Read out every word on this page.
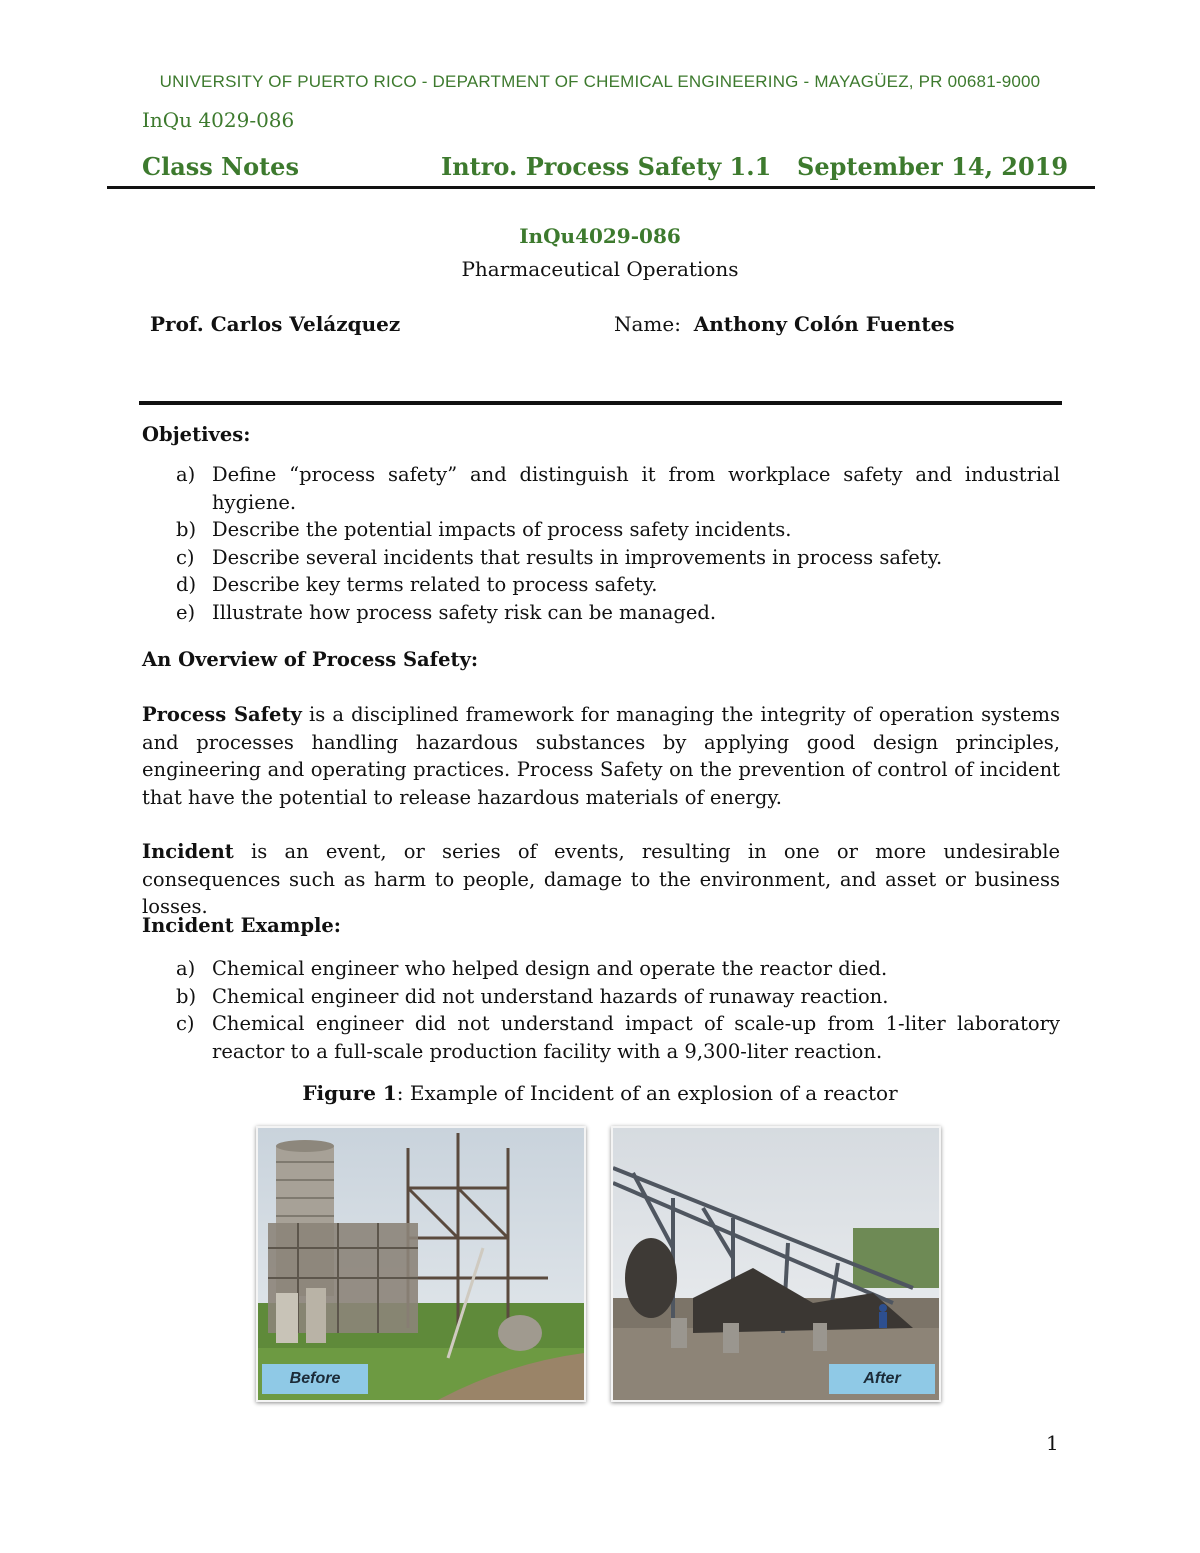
UNIVERSITY OF PUERTO RICO - DEPARTMENT OF CHEMICAL ENGINEERING - MAYAGÜEZ, PR 00681-9000
InQu 4029-086
Class Notes	Intro. Process Safety 1.1 September 14, 2019
InQu4029-086
Pharmaceutical Operations
Prof. Carlos Velázquez	Name: Anthony Colón Fuentes
Objetives:
a) Define “process safety” and distinguish it from workplace safety and industrial hygiene.
b) Describe the potential impacts of process safety incidents.
c) Describe several incidents that results in improvements in process safety.
d) Describe key terms related to process safety.
e) Illustrate how process safety risk can be managed.
An Overview of Process Safety:
Process Safety is a disciplined framework for managing the integrity of operation systems and processes handling hazardous substances by applying good design principles, engineering and operating practices. Process Safety on the prevention of control of incident that have the potential to release hazardous materials of energy.
Incident is an event, or series of events, resulting in one or more undesirable consequences such as harm to people, damage to the environment, and asset or business losses.
Incident Example:
a) Chemical engineer who helped design and operate the reactor died.
b) Chemical engineer did not understand hazards of runaway reaction.
c) Chemical engineer did not understand impact of scale-up from 1-liter laboratory reactor to a full-scale production facility with a 9,300-liter reaction.
Figure 1: Example of Incident of an explosion of a reactor
Before	After
1
